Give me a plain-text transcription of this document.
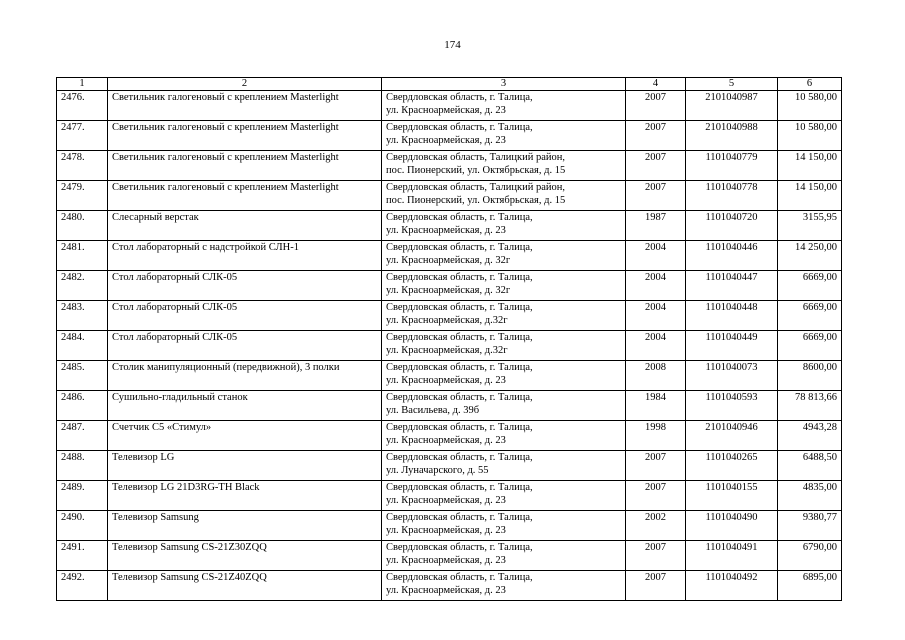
174
1	2	3	4	5	6
2476.	Светильник галогеновый с креплением Masterlight	Свердловская область, г. Талица,
ул. Красноармейская, д. 23	2007	2101040987	10 580,00
2477.	Светильник галогеновый с креплением Masterlight	Свердловская область, г. Талица,
ул. Красноармейская, д. 23	2007	2101040988	10 580,00
2478.	Светильник галогеновый с креплением Masterlight	Свердловская область, Талицкий район,
пос. Пионерский, ул. Октябрьская, д. 15	2007	1101040779	14 150,00
2479.	Светильник галогеновый с креплением Masterlight	Свердловская область, Талицкий район,
пос. Пионерский, ул. Октябрьская, д. 15	2007	1101040778	14 150,00
2480.	Слесарный верстак	Свердловская область, г. Талица,
ул. Красноармейская, д. 23	1987	1101040720	3155,95
2481.	Стол лабораторный с надстройкой СЛН-1	Свердловская область, г. Талица,
ул. Красноармейская, д. 32г	2004	1101040446	14 250,00
2482.	Стол лабораторный СЛК-05	Свердловская область, г. Талица,
ул. Красноармейская, д. 32г	2004	1101040447	6669,00
2483.	Стол лабораторный СЛК-05	Свердловская область, г. Талица,
ул. Красноармейская, д.32г	2004	1101040448	6669,00
2484.	Стол лабораторный СЛК-05	Свердловская область, г. Талица,
ул. Красноармейская, д.32г	2004	1101040449	6669,00
2485.	Столик манипуляционный (передвижной), 3 полки	Свердловская область, г. Талица,
ул. Красноармейская, д. 23	2008	1101040073	8600,00
2486.	Сушильно-гладильный станок	Свердловская область, г. Талица,
ул. Васильева, д. 39б	1984	1101040593	78 813,66
2487.	Счетчик С5 «Стимул»	Свердловская область, г. Талица,
ул. Красноармейская, д. 23	1998	2101040946	4943,28
2488.	Телевизор LG	Свердловская область, г. Талица,
ул. Луначарского, д. 55	2007	1101040265	6488,50
2489.	Телевизор LG 21D3RG-TH Black	Свердловская область, г. Талица,
ул. Красноармейская, д. 23	2007	1101040155	4835,00
2490.	Телевизор Samsung	Свердловская область, г. Талица,
ул. Красноармейская, д. 23	2002	1101040490	9380,77
2491.	Телевизор Samsung CS-21Z30ZQQ	Свердловская область, г. Талица,
ул. Красноармейская, д. 23	2007	1101040491	6790,00
2492.	Телевизор Samsung CS-21Z40ZQQ	Свердловская область, г. Талица,
ул. Красноармейская, д. 23	2007	1101040492	6895,00
